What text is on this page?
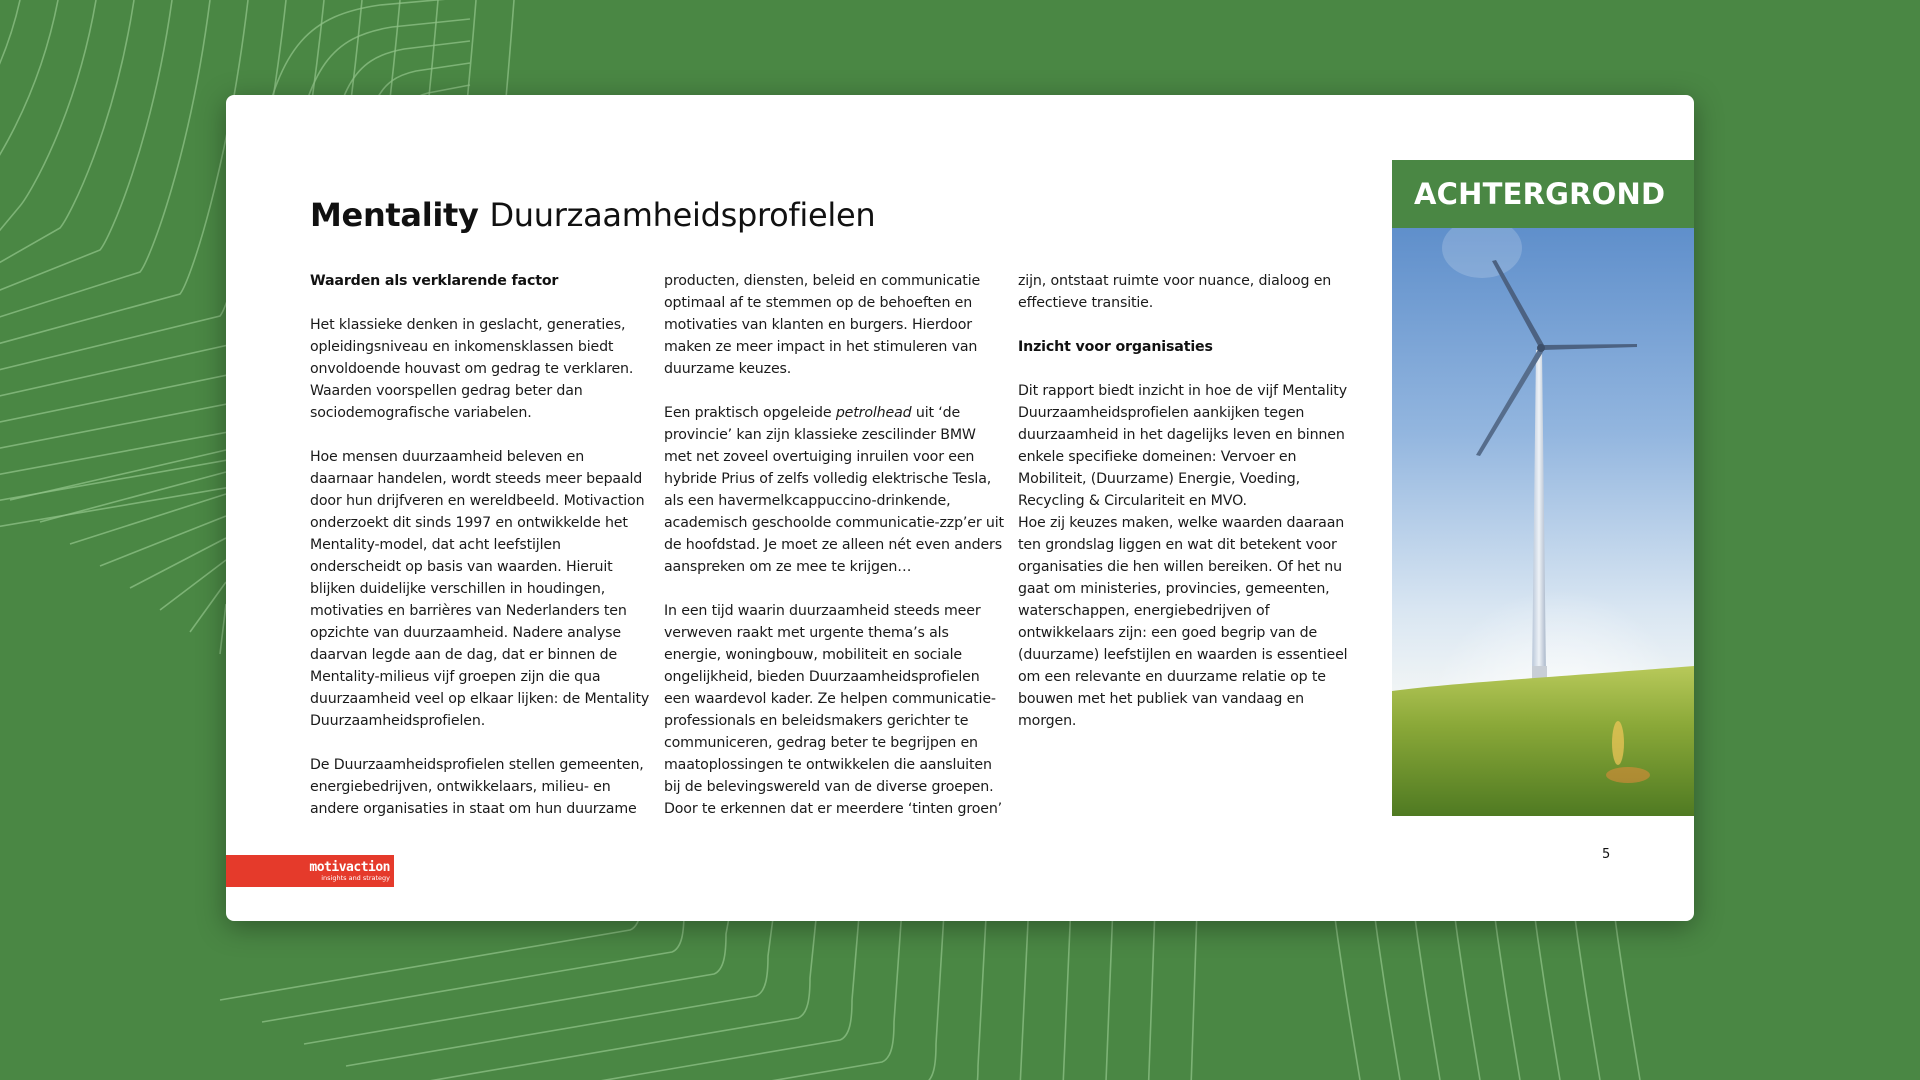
Mentality Duurzaamheidsprofielen
Waarden als verklarende factor

Het klassieke denken in geslacht, generaties, opleidingsniveau en inkomensklassen biedt onvoldoende houvast om gedrag te verklaren. Waarden voorspellen gedrag beter dan sociodemografische variabelen.

Hoe mensen duurzaamheid beleven en daarnaar handelen, wordt steeds meer bepaald door hun drijfveren en wereldbeeld. Motivaction onderzoekt dit sinds 1997 en ontwikkelde het Mentality-model, dat acht leefstijlen onderscheidt op basis van waarden. Hieruit blijken duidelijke verschillen in houdingen, motivaties en barrières van Nederlanders ten opzichte van duurzaamheid. Nadere analyse daarvan legde aan de dag, dat er binnen de Mentality-milieus vijf groepen zijn die qua duurzaamheid veel op elkaar lijken: de Mentality Duurzaamheidsprofielen.

De Duurzaamheidsprofielen stellen gemeenten, energiebedrijven, ontwikkelaars, milieu- en andere organisaties in staat om hun duurzame

producten, diensten, beleid en communicatie optimaal af te stemmen op de behoeften en motivaties van klanten en burgers. Hierdoor maken ze meer impact in het stimuleren van duurzame keuzes.

Een praktisch opgeleide petrolhead uit ‘de provincie’ kan zijn klassieke zescilinder BMW met net zoveel overtuiging inruilen voor een hybride Prius of zelfs volledig elektrische Tesla, als een havermelkcappuccino-drinkende, academisch geschoolde communicatie-zzp’er uit de hoofdstad. Je moet ze alleen nét even anders aanspreken om ze mee te krijgen…

In een tijd waarin duurzaamheid steeds meer verweven raakt met urgente thema’s als energie, woningbouw, mobiliteit en sociale ongelijkheid, bieden Duurzaamheidsprofielen een waardevol kader. Ze helpen communicatie-professionals en beleidsmakers gerichter te communiceren, gedrag beter te begrijpen en maatoplossingen te ontwikkelen die aansluiten bij de belevingswereld van de diverse groepen. Door te erkennen dat er meerdere ‘tinten groen’

zijn, ontstaat ruimte voor nuance, dialoog en effectieve transitie.

Inzicht voor organisaties

Dit rapport biedt inzicht in hoe de vijf Mentality Duurzaamheidsprofielen aankijken tegen duurzaamheid in het dagelijks leven en binnen enkele specifieke domeinen: Vervoer en Mobiliteit, (Duurzame) Energie, Voeding, Recycling & Circulariteit en MVO.

Hoe zij keuzes maken, welke waarden daaraan ten grondslag liggen en wat dit betekent voor organisaties die hen willen bereiken. Of het nu gaat om ministeries, provincies, gemeenten, waterschappen, energiebedrijven of ontwikkelaars zijn: een goed begrip van de (duurzame) leefstijlen en waarden is essentieel om een relevante en duurzame relatie op te bouwen met het publiek van vandaag en morgen.

ACHTERGROND
motivaction
insights and strategy
5
